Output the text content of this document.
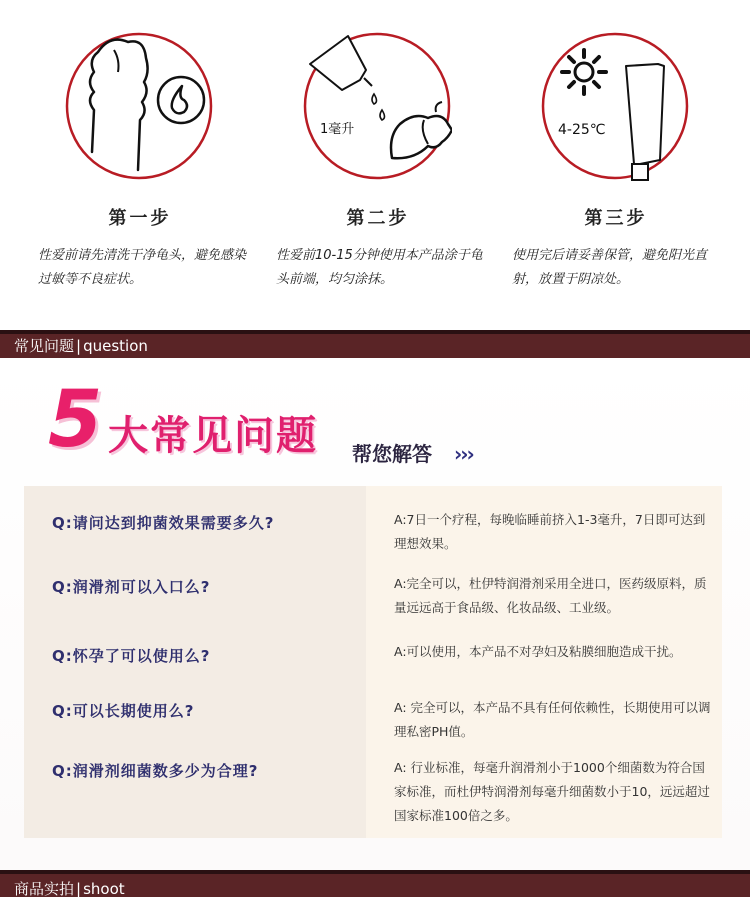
1毫升	4-25℃
第一步	第二步	第三步
性爱前请先清洗干净龟头，避免感染过敏等不良症状。
性爱前10-15分钟使用本产品涂于龟头前端，均匀涂抹。
使用完后请妥善保管，避免阳光直射，放置于阴凉处。
常见问题 | question
5 大常见问题 帮您解答 ›››
Q:请问达到抑菌效果需要多久?	A:7日一个疗程，每晚临睡前挤入1-3毫升，7日即可达到理想效果。
Q:润滑剂可以入口么?	A:完全可以，杜伊特润滑剂采用全进口，医药级原料，质量远远高于食品级、化妆品级、工业级。
Q:怀孕了可以使用么?	A:可以使用，本产品不对孕妇及粘膜细胞造成干扰。
Q:可以长期使用么?	A: 完全可以，本产品不具有任何依赖性，长期使用可以调理私密PH值。
Q:润滑剂细菌数多少为合理?	A: 行业标准，每毫升润滑剂小于1000个细菌数为符合国家标准，而杜伊特润滑剂每毫升细菌数小于10，远远超过国家标准100倍之多。
商品实拍 | shoot
